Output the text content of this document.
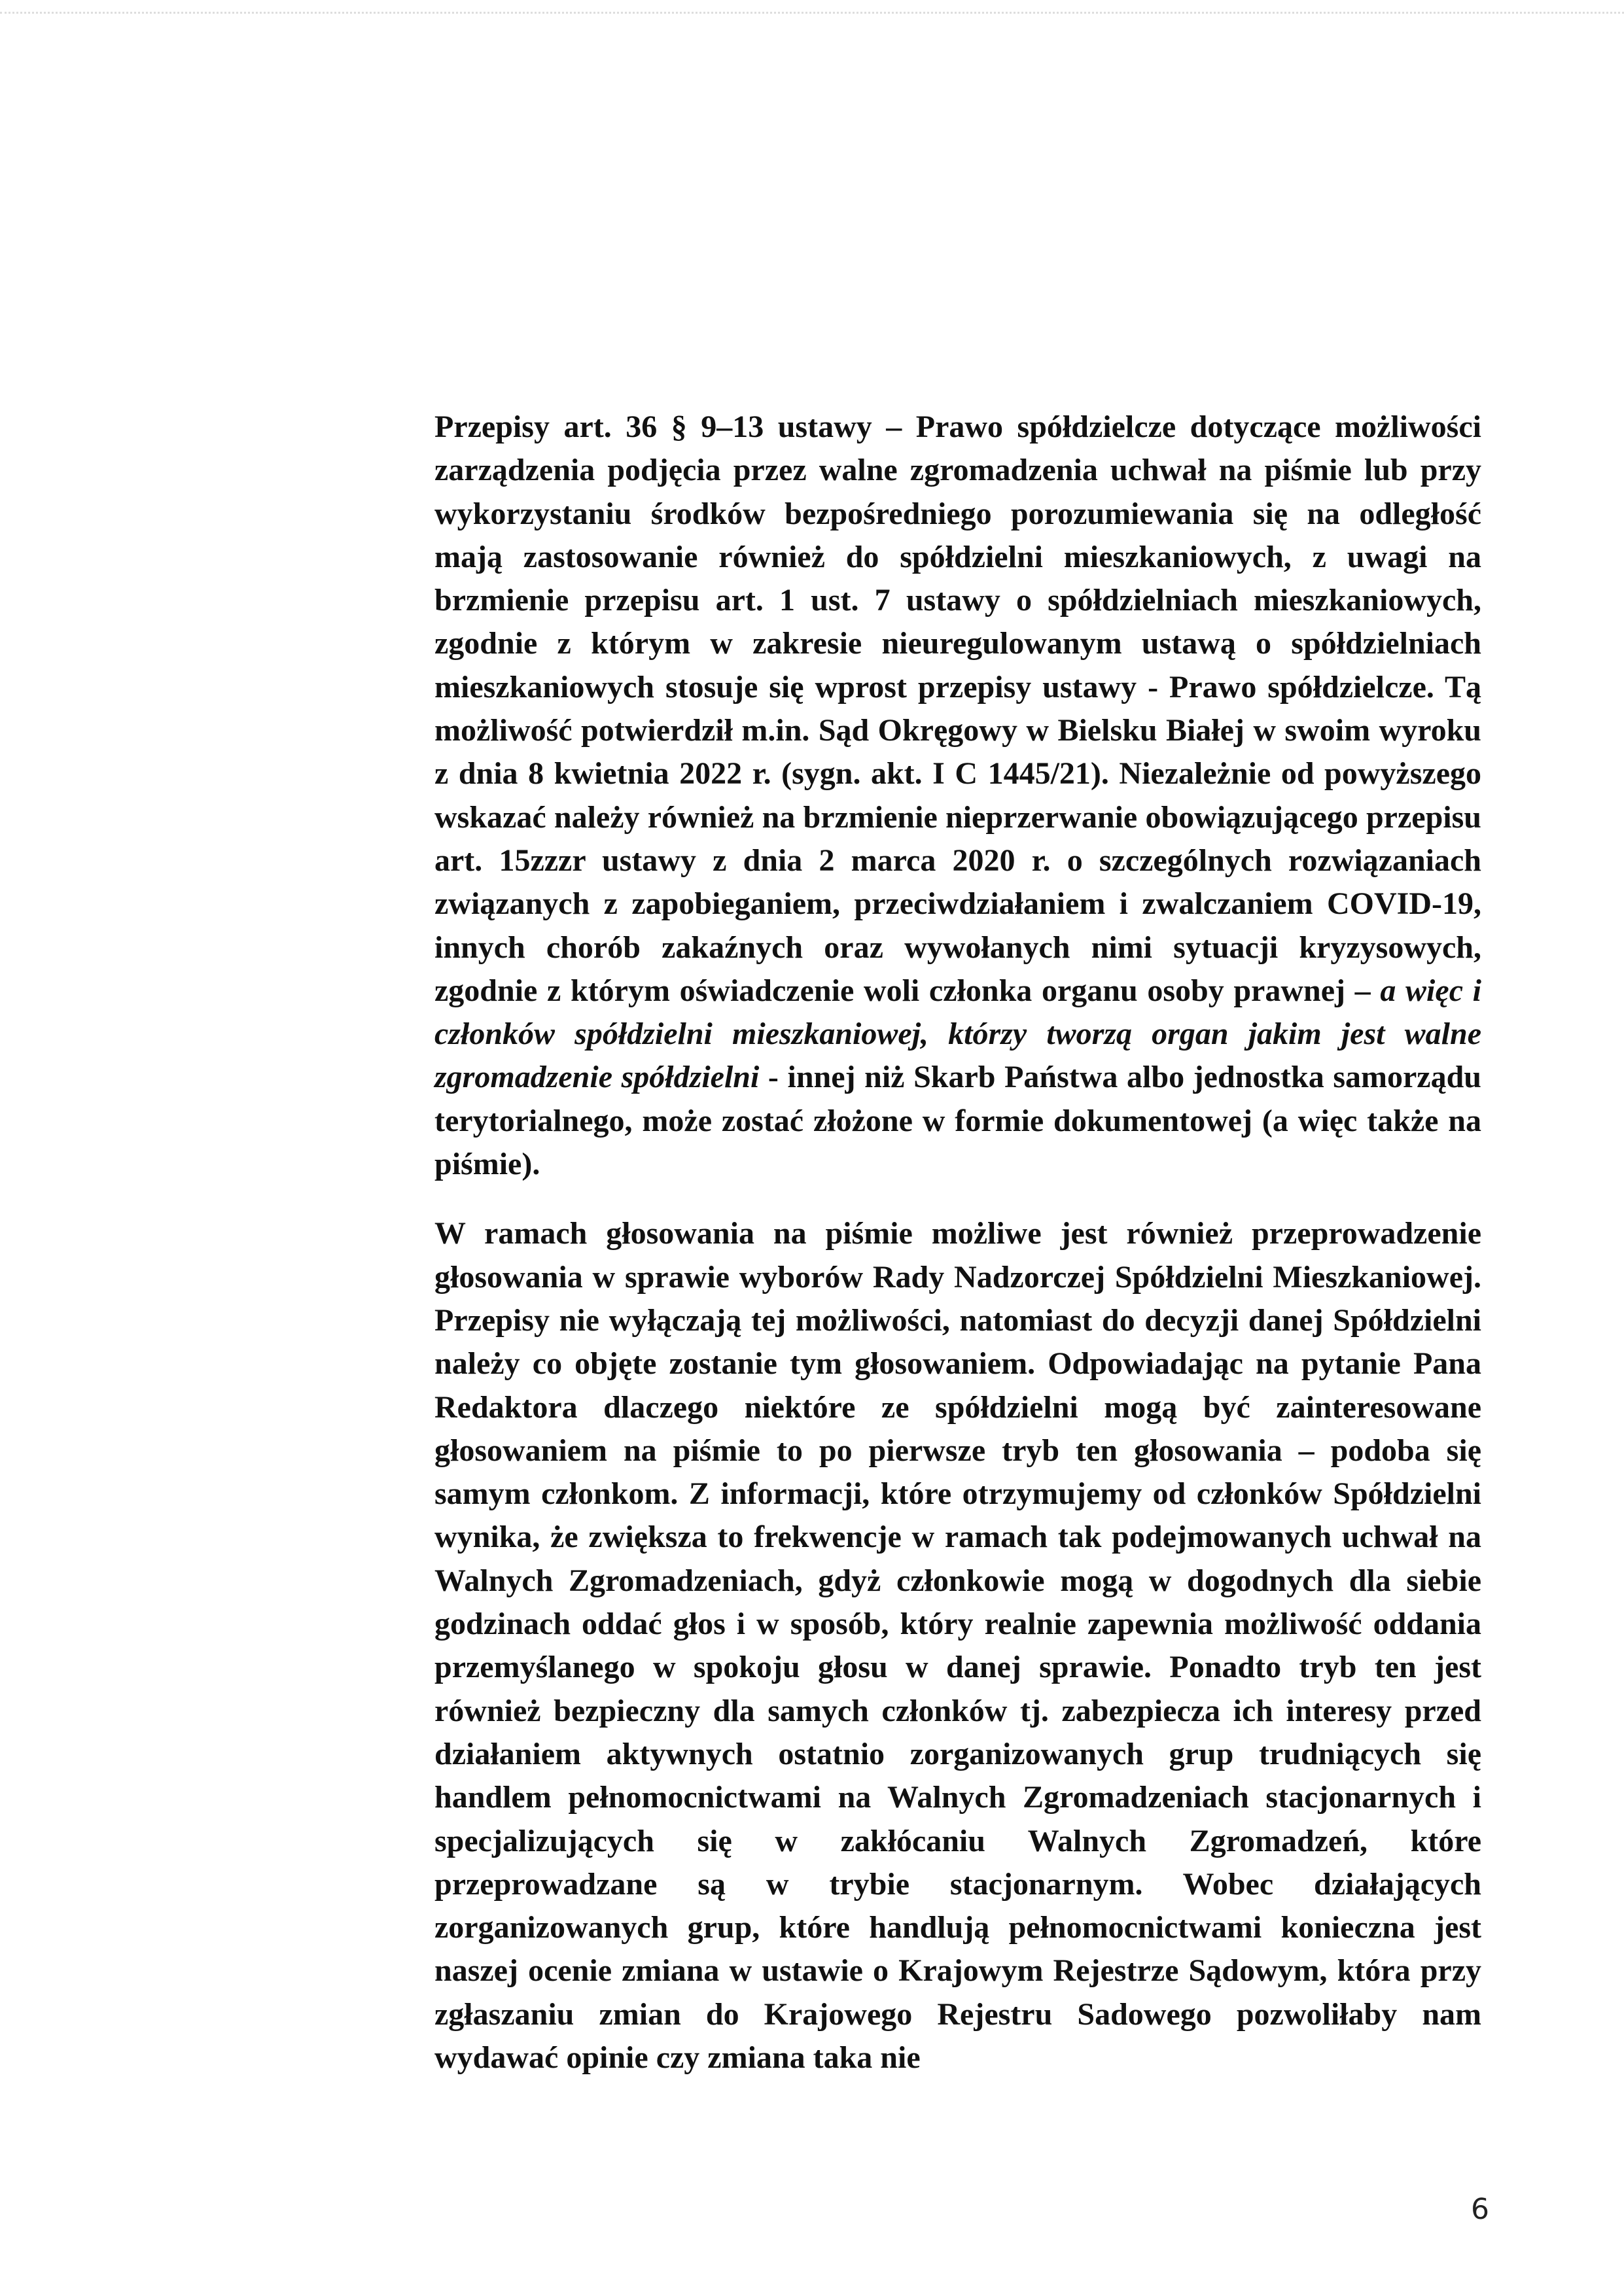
Przepisy art. 36 § 9–13 ustawy – Prawo spółdzielcze dotyczące możliwości zarządzenia podjęcia przez walne zgromadzenia uchwał na piśmie lub przy wykorzystaniu środków bezpośredniego porozumiewania się na odległość mają zastosowanie również do spółdzielni mieszkaniowych, z uwagi na brzmienie przepisu art. 1 ust. 7 ustawy o spółdzielniach mieszkaniowych, zgodnie z którym w zakresie nieuregulowanym ustawą o spółdzielniach mieszkaniowych stosuje się wprost przepisy ustawy - Prawo spółdzielcze. Tą możliwość potwierdził m.in. Sąd Okręgowy w Bielsku Białej w swoim wyroku z dnia 8 kwietnia 2022 r. (sygn. akt. I C 1445/21). Niezależnie od powyższego wskazać należy również na brzmienie nieprzerwanie obowiązującego przepisu art. 15zzzr ustawy z dnia 2 marca 2020 r. o szczególnych rozwiązaniach związanych z zapobieganiem, przeciwdziałaniem i zwalczaniem COVID-19, innych chorób zakaźnych oraz wywołanych nimi sytuacji kryzysowych, zgodnie z którym oświadczenie woli członka organu osoby prawnej – a więc i członków spółdzielni mieszkaniowej, którzy tworzą organ jakim jest walne zgromadzenie spółdzielni - innej niż Skarb Państwa albo jednostka samorządu terytorialnego, może zostać złożone w formie dokumentowej (a więc także na piśmie).

W ramach głosowania na piśmie możliwe jest również przeprowadzenie głosowania w sprawie wyborów Rady Nadzorczej Spółdzielni Mieszkaniowej. Przepisy nie wyłączają tej możliwości, natomiast do decyzji danej Spółdzielni należy co objęte zostanie tym głosowaniem. Odpowiadając na pytanie Pana Redaktora dlaczego niektóre ze spółdzielni mogą być zainteresowane głosowaniem na piśmie to po pierwsze tryb ten głosowania – podoba się samym członkom. Z informacji, które otrzymujemy od członków Spółdzielni wynika, że zwiększa to frekwencje w ramach tak podejmowanych uchwał na Walnych Zgromadzeniach, gdyż członkowie mogą w dogodnych dla siebie godzinach oddać głos i w sposób, który realnie zapewnia możliwość oddania przemyślanego w spokoju głosu w danej sprawie. Ponadto tryb ten jest również bezpieczny dla samych członków tj. zabezpiecza ich interesy przed działaniem aktywnych ostatnio zorganizowanych grup trudniących się handlem pełnomocnictwami na Walnych Zgromadzeniach stacjonarnych i specjalizujących się w zakłócaniu Walnych Zgromadzeń, które przeprowadzane są w trybie stacjonarnym. Wobec działających zorganizowanych grup, które handlują pełnomocnictwami konieczna jest naszej ocenie zmiana w ustawie o Krajowym Rejestrze Sądowym, która przy zgłaszaniu zmian do Krajowego Rejestru Sadowego pozwoliłaby nam wydawać opinie czy zmiana taka nie

6
